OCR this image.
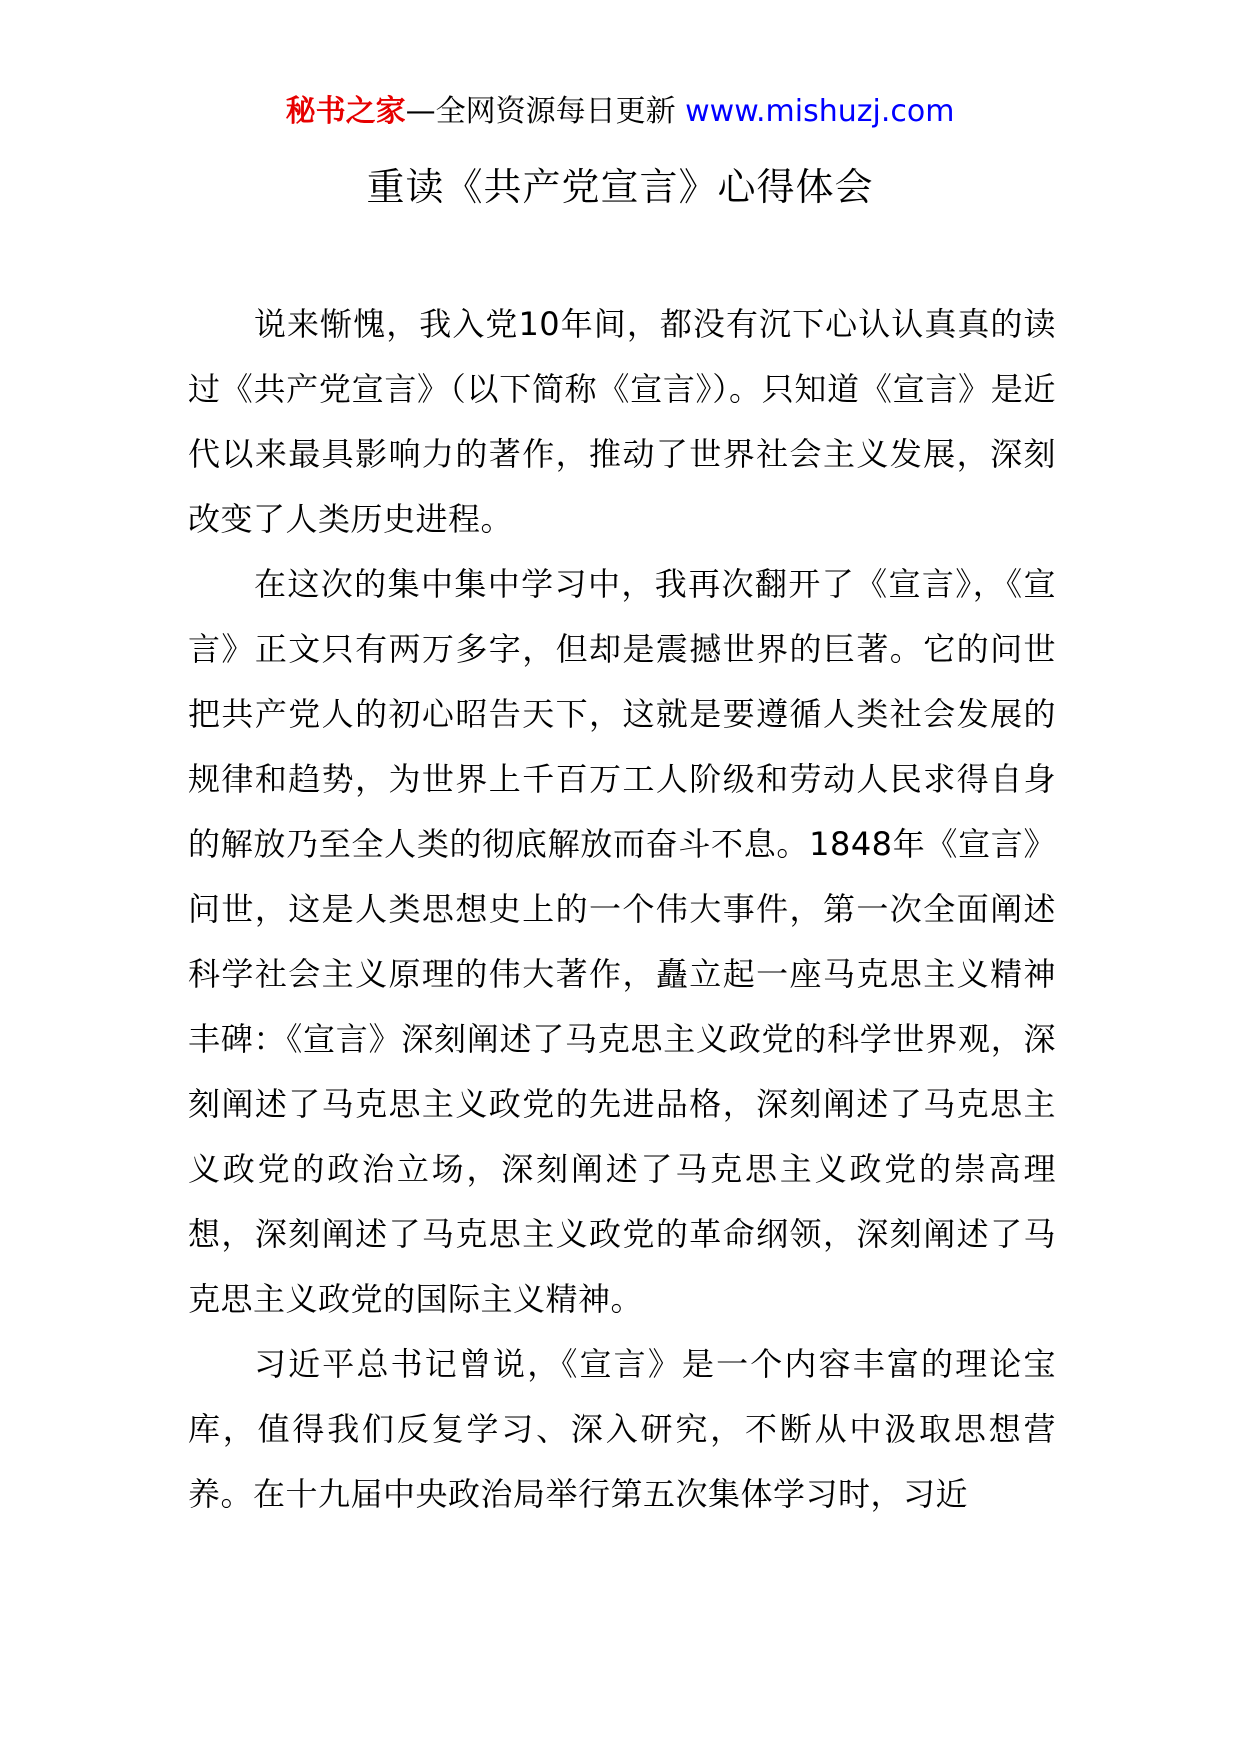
秘书之家—全网资源每日更新 www.mishuzj.com
重读《共产党宣言》心得体会

说来惭愧，我入党10年间，都没有沉下心认认真真的读过《共产党宣言》（以下简称《宣言》）。只知道《宣言》是近代以来最具影响力的著作，推动了世界社会主义发展，深刻改变了人类历史进程。

在这次的集中集中学习中，我再次翻开了《宣言》，《宣言》正文只有两万多字，但却是震撼世界的巨著。它的问世把共产党人的初心昭告天下，这就是要遵循人类社会发展的规律和趋势，为世界上千百万工人阶级和劳动人民求得自身的解放乃至全人类的彻底解放而奋斗不息。1848年《宣言》问世，这是人类思想史上的一个伟大事件，第一次全面阐述科学社会主义原理的伟大著作，矗立起一座马克思主义精神丰碑：《宣言》深刻阐述了马克思主义政党的科学世界观，深刻阐述了马克思主义政党的先进品格，深刻阐述了马克思主义政党的政治立场，深刻阐述了马克思主义政党的崇高理想，深刻阐述了马克思主义政党的革命纲领，深刻阐述了马克思主义政党的国际主义精神。

习近平总书记曾说，《宣言》是一个内容丰富的理论宝库，值得我们反复学习、深入研究，不断从中汲取思想营养。在十九届中央政治局举行第五次集体学习时，习近
